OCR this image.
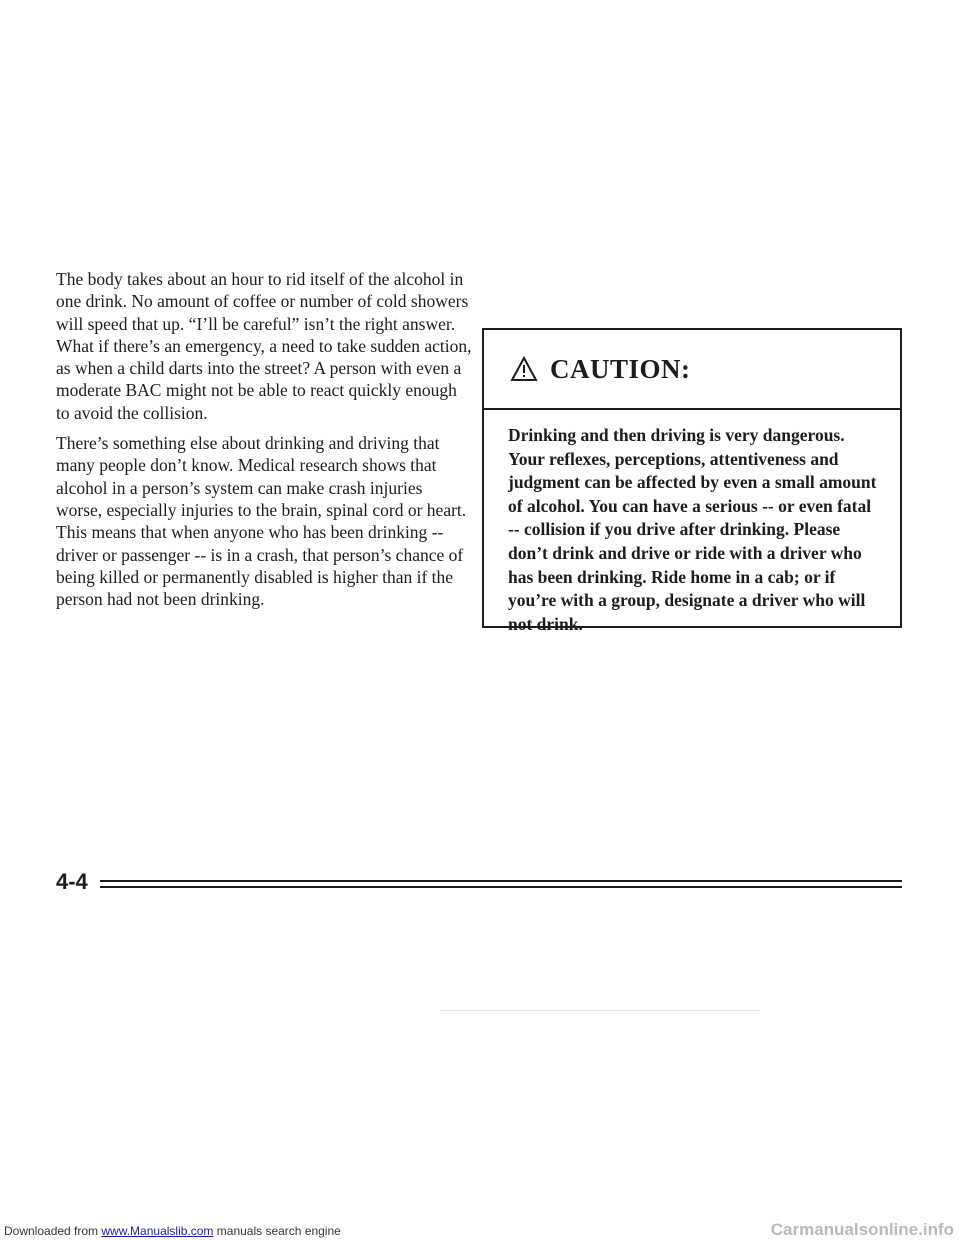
The body takes about an hour to rid itself of the alcohol in one drink. No amount of coffee or number of cold showers will speed that up. “I’ll be careful” isn’t the right answer. What if there’s an emergency, a need to take sudden action, as when a child darts into the street? A person with even a moderate BAC might not be able to react quickly enough to avoid the collision.

There’s something else about drinking and driving that many people don’t know. Medical research shows that alcohol in a person’s system can make crash injuries worse, especially injuries to the brain, spinal cord or heart. This means that when anyone who has been drinking -- driver or passenger -- is in a crash, that person’s chance of being killed or permanently disabled is higher than if the person had not been drinking.

CAUTION:
Drinking and then driving is very dangerous. Your reflexes, perceptions, attentiveness and judgment can be affected by even a small amount of alcohol. You can have a serious -- or even fatal -- collision if you drive after drinking. Please don’t drink and drive or ride with a driver who has been drinking. Ride home in a cab; or if you’re with a group, designate a driver who will not drink.
4-4
Downloaded from www.Manualslib.com manuals search engine	Carmanualsonline.info
